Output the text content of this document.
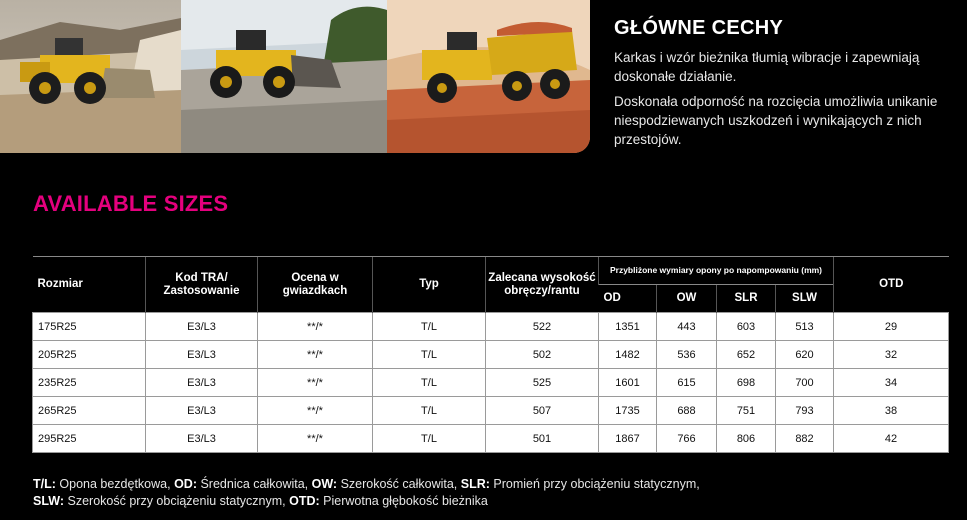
GŁÓWNE CECHY

Karkas i wzór bieżnika tłumią wibracje i zapewniają doskonałe działanie.

Doskonała odporność na rozcięcia umożliwia unikanie niespodziewanych uszkodzeń i wynikających z nich przestojów.

AVAILABLE SIZES
Rozmiar	Kod TRA/ Zastosowanie	Ocena w gwiazdkach	Typ	Zalecana wysokość obręczy/rantu	Przybliżone wymiary opony po napompowaniu (mm)				OTD
					OD	OW	SLR	SLW	
175R25	E3/L3	**/*	T/L	522	1351	443	603	513	29
205R25	E3/L3	**/*	T/L	502	1482	536	652	620	32
235R25	E3/L3	**/*	T/L	525	1601	615	698	700	34
265R25	E3/L3	**/*	T/L	507	1735	688	751	793	38
295R25	E3/L3	**/*	T/L	501	1867	766	806	882	42
T/L: Opona bezdętkowa, OD: Średnica całkowita, OW: Szerokość całkowita, SLR: Promień przy obciążeniu statycznym,
SLW: Szerokość przy obciążeniu statycznym, OTD: Pierwotna głębokość bieżnika
